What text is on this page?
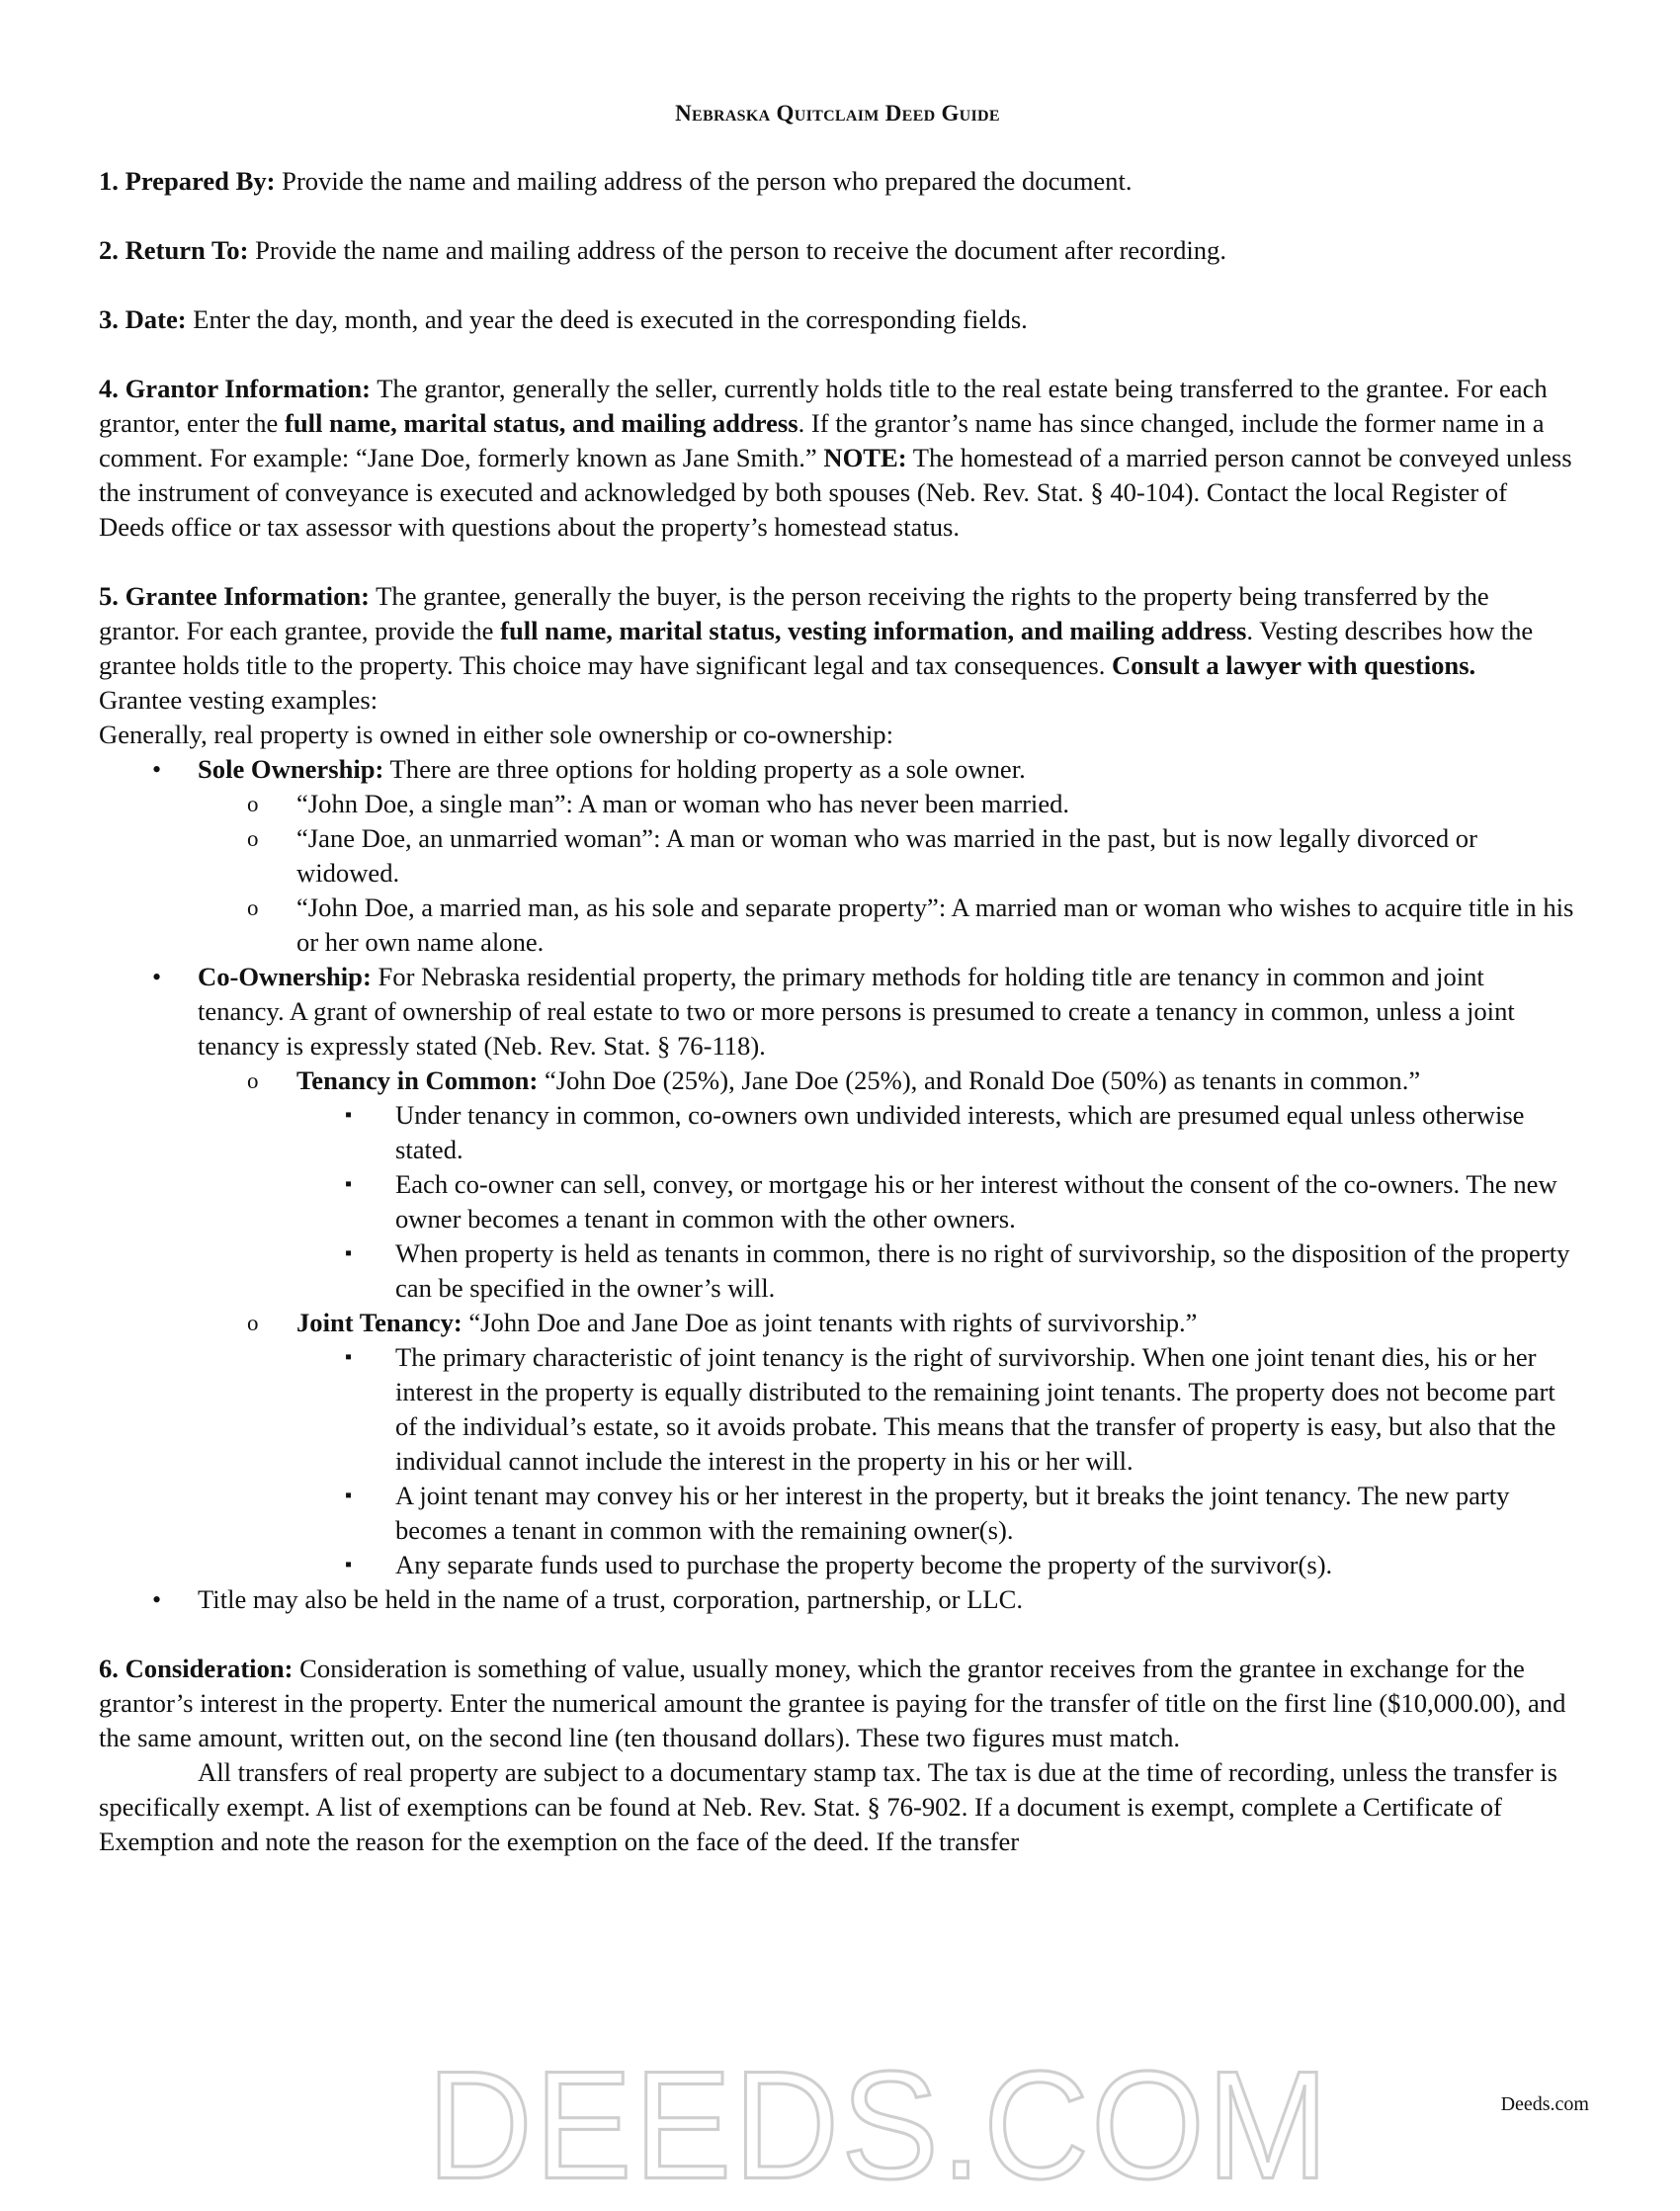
Nebraska Quitclaim Deed Guide

1. Prepared By: Provide the name and mailing address of the person who prepared the document.

2. Return To: Provide the name and mailing address of the person to receive the document after recording.

3. Date: Enter the day, month, and year the deed is executed in the corresponding fields.

4. Grantor Information: The grantor, generally the seller, currently holds title to the real estate being transferred to the grantee. For each grantor, enter the full name, marital status, and mailing address. If the grantor’s name has since changed, include the former name in a comment. For example: “Jane Doe, formerly known as Jane Smith.” NOTE: The homestead of a married person cannot be conveyed unless the instrument of conveyance is executed and acknowledged by both spouses (Neb. Rev. Stat. § 40-104). Contact the local Register of Deeds office or tax assessor with questions about the property’s homestead status.

5. Grantee Information: The grantee, generally the buyer, is the person receiving the rights to the property being transferred by the grantor. For each grantee, provide the full name, marital status, vesting information, and mailing address. Vesting describes how the grantee holds title to the property. This choice may have significant legal and tax consequences. Consult a lawyer with questions.

Grantee vesting examples:

Generally, real property is owned in either sole ownership or co-ownership:

• Sole Ownership: There are three options for holding property as a sole owner.
o “John Doe, a single man”: A man or woman who has never been married.
o “Jane Doe, an unmarried woman”: A man or woman who was married in the past, but is now legally divorced or widowed.
o “John Doe, a married man, as his sole and separate property”: A married man or woman who wishes to acquire title in his or her own name alone.
• Co-Ownership: For Nebraska residential property, the primary methods for holding title are tenancy in common and joint tenancy. A grant of ownership of real estate to two or more persons is presumed to create a tenancy in common, unless a joint tenancy is expressly stated (Neb. Rev. Stat. § 76-118).
o Tenancy in Common: “John Doe (25%), Jane Doe (25%), and Ronald Doe (50%) as tenants in common.”
▪ Under tenancy in common, co-owners own undivided interests, which are presumed equal unless otherwise stated.
▪ Each co-owner can sell, convey, or mortgage his or her interest without the consent of the co-owners. The new owner becomes a tenant in common with the other owners.
▪ When property is held as tenants in common, there is no right of survivorship, so the disposition of the property can be specified in the owner’s will.
o Joint Tenancy: “John Doe and Jane Doe as joint tenants with rights of survivorship.”
▪ The primary characteristic of joint tenancy is the right of survivorship. When one joint tenant dies, his or her interest in the property is equally distributed to the remaining joint tenants. The property does not become part of the individual’s estate, so it avoids probate. This means that the transfer of property is easy, but also that the individual cannot include the interest in the property in his or her will.
▪ A joint tenant may convey his or her interest in the property, but it breaks the joint tenancy. The new party becomes a tenant in common with the remaining owner(s).
▪ Any separate funds used to purchase the property become the property of the survivor(s).
• Title may also be held in the name of a trust, corporation, partnership, or LLC.

6. Consideration: Consideration is something of value, usually money, which the grantor receives from the grantee in exchange for the grantor’s interest in the property. Enter the numerical amount the grantee is paying for the transfer of title on the first line ($10,000.00), and the same amount, written out, on the second line (ten thousand dollars). These two figures must match.

All transfers of real property are subject to a documentary stamp tax. The tax is due at the time of recording, unless the transfer is specifically exempt. A list of exemptions can be found at Neb. Rev. Stat. § 76-902. If a document is exempt, complete a Certificate of Exemption and note the reason for the exemption on the face of the deed. If the transfer

DEEDS.COM	Deeds.com
